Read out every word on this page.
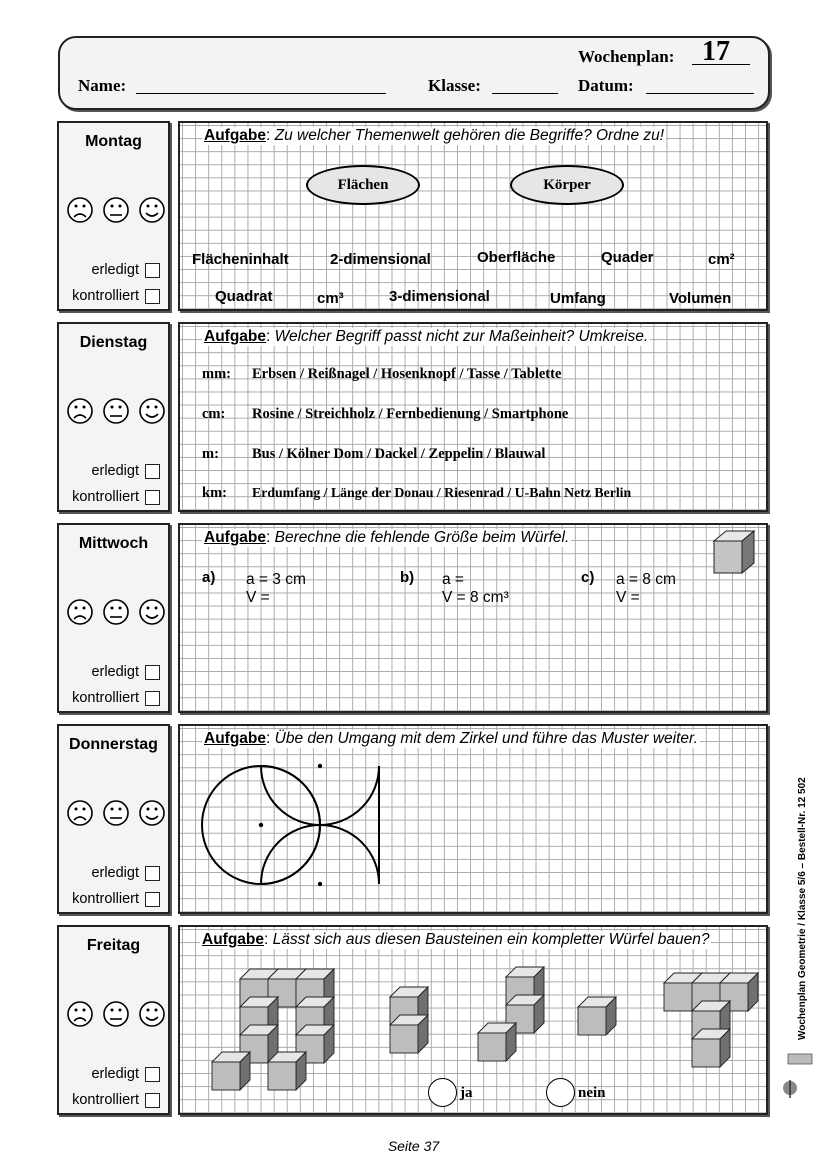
Wochenplan: 17
Name:	Klasse:	Datum:
Montag
erledigt
kontrolliert
Dienstag
erledigt
kontrolliert
Mittwoch
erledigt
kontrolliert
Donnerstag
erledigt
kontrolliert
Freitag
erledigt
kontrolliert
Aufgabe: Zu welcher Themenwelt gehören die Begriffe? Ordne zu!
Flächen	Körper
Flächeninhalt	2-dimensional	Oberfläche	Quader	cm²
Quadrat	cm³	3-dimensional	Umfang	Volumen
Aufgabe: Welcher Begriff passt nicht zur Maßeinheit? Umkreise.
mm: Erbsen / Reißnagel / Hosenknopf / Tasse / Tablette
cm: Rosine / Streichholz / Fernbedienung / Smartphone
m: Bus / Kölner Dom / Dackel / Zeppelin / Blauwal
km: Erdumfang / Länge der Donau / Riesenrad / U-Bahn Netz Berlin
Aufgabe: Berechne die fehlende Größe beim Würfel.
a) a = 3 cm
V =
b) a =
V = 8 cm³
c) a = 8 cm
V =
Aufgabe: Übe den Umgang mit dem Zirkel und führe das Muster weiter.
Aufgabe: Lässt sich aus diesen Bausteinen ein kompletter Würfel bauen?
ja	nein
Wochenplan Geometrie / Klasse 5/6 – Bestell-Nr. 12 502
Seite 37
